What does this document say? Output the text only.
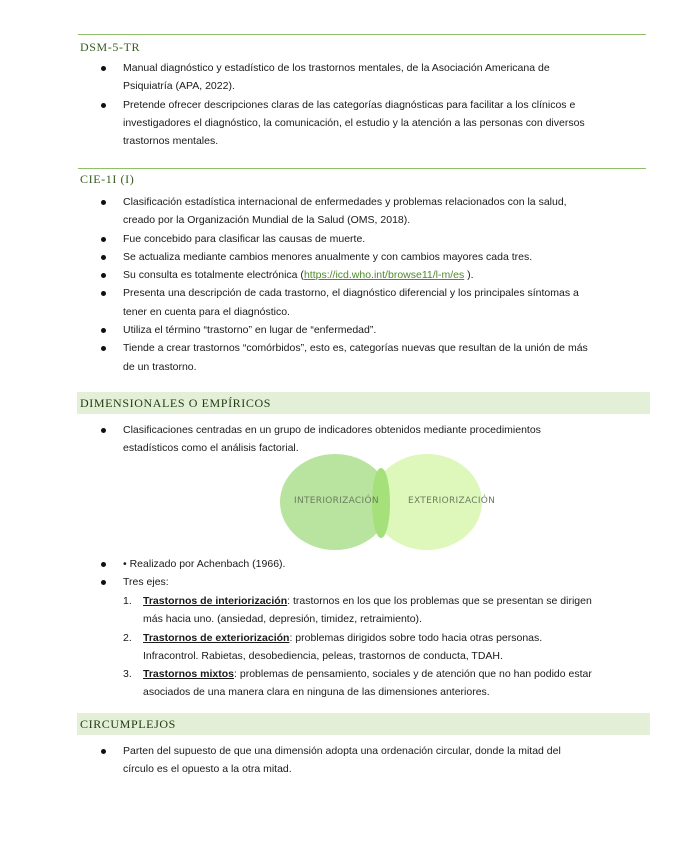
DSM-5-TR
Manual diagnóstico y estadístico de los trastornos mentales, de la Asociación Americana de
Psiquiatría (APA, 2022).
Pretende ofrecer descripciones claras de las categorías diagnósticas para facilitar a los clínicos e
investigadores el diagnóstico, la comunicación, el estudio y la atención a las personas con diversos
trastornos mentales.
CIE-1I (I)
Clasificación estadística internacional de enfermedades y problemas relacionados con la salud,
creado por la Organización Mundial de la Salud (OMS, 2018).
Fue concebido para clasificar las causas de muerte.
Se actualiza mediante cambios menores anualmente y con cambios mayores cada tres.
Su consulta es totalmente electrónica (https://icd.who.int/browse11/l-m/es ).
Presenta una descripción de cada trastorno, el diagnóstico diferencial y los principales síntomas a
tener en cuenta para el diagnóstico.
Utiliza el término “trastorno” en lugar de “enfermedad”.
Tiende a crear trastornos “comórbidos”, esto es, categorías nuevas que resultan de la unión de más
de un trastorno.
DIMENSIONALES O EMPÍRICOS
Clasificaciones centradas en un grupo de indicadores obtenidos mediante procedimientos
estadísticos como el análisis factorial.
INTERIORIZACIÓN	EXTERIORIZACIÓN
• Realizado por Achenbach (1966).
Tres ejes:
1. Trastornos de interiorización: trastornos en los que los problemas que se presentan se dirigen
más hacia uno. (ansiedad, depresión, timidez, retraimiento).
2. Trastornos de exteriorización: problemas dirigidos sobre todo hacia otras personas.
Infracontrol. Rabietas, desobediencia, peleas, trastornos de conducta, TDAH.
3. Trastornos mixtos: problemas de pensamiento, sociales y de atención que no han podido estar
asociados de una manera clara en ninguna de las dimensiones anteriores.
CIRCUMPLEJOS
Parten del supuesto de que una dimensión adopta una ordenación circular, donde la mitad del
círculo es el opuesto a la otra mitad.
